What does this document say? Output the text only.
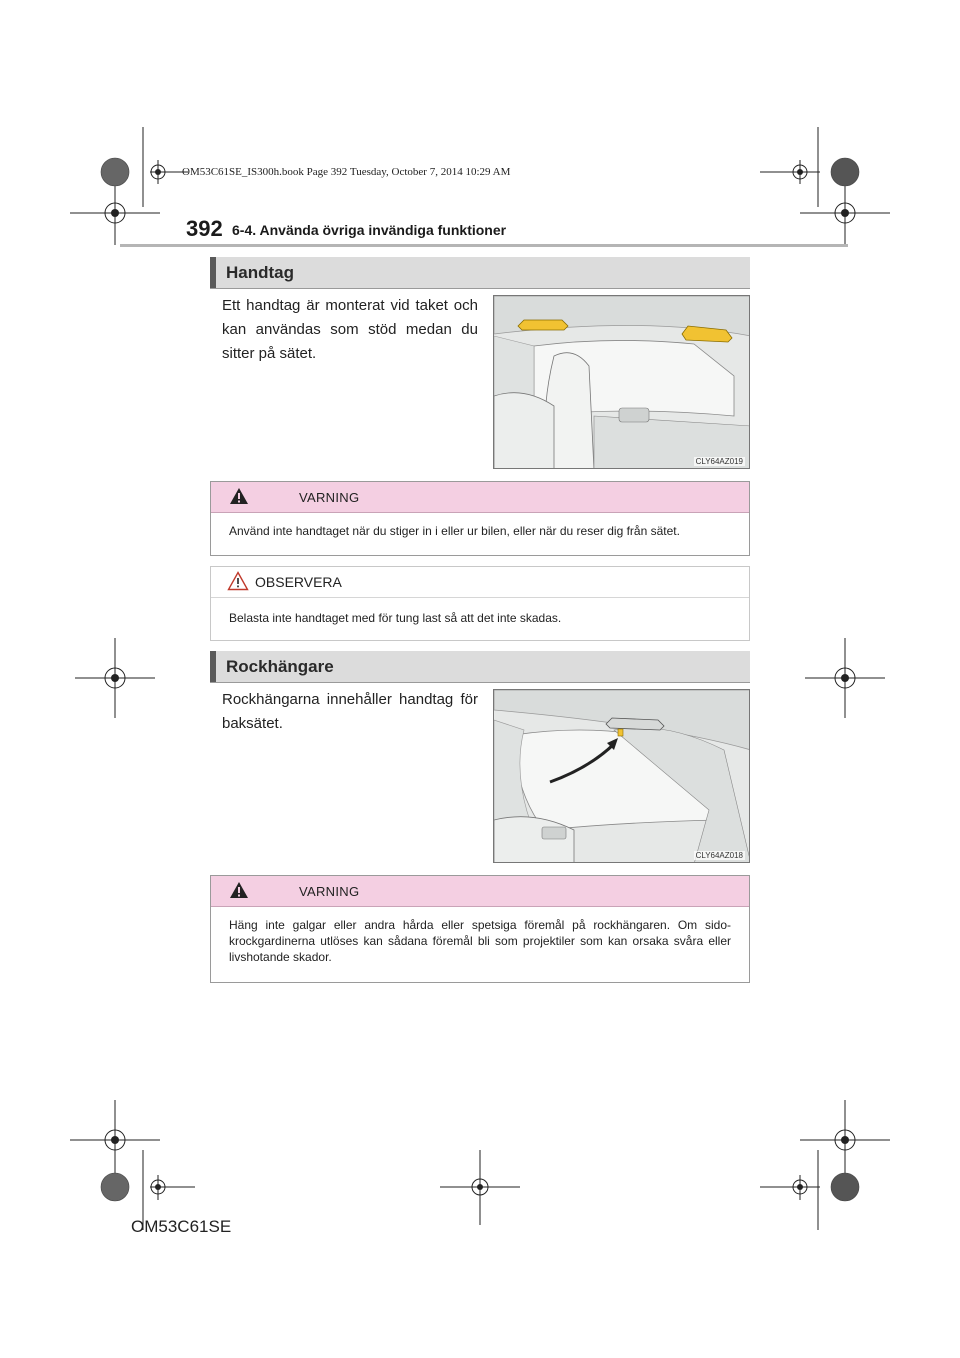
OM53C61SE_IS300h.book Page 392 Tuesday, October 7, 2014 10:29 AM
392 6-4. Använda övriga invändiga funktioner
Handtag
Ett handtag är monterat vid taket och kan användas som stöd medan du sitter på sätet.
CLY64AZ019
VARNING
Använd inte handtaget när du stiger in i eller ur bilen, eller när du reser dig från sätet.
OBSERVERA
Belasta inte handtaget med för tung last så att det inte skadas.
Rockhängare
Rockhängarna innehåller handtag för baksätet.
CLY64AZ018
VARNING
Häng inte galgar eller andra hårda eller spetsiga föremål på rockhängaren. Om sido- krockgardinerna utlöses kan sådana föremål bli som projektiler som kan orsaka svåra eller livshotande skador.
OM53C61SE
